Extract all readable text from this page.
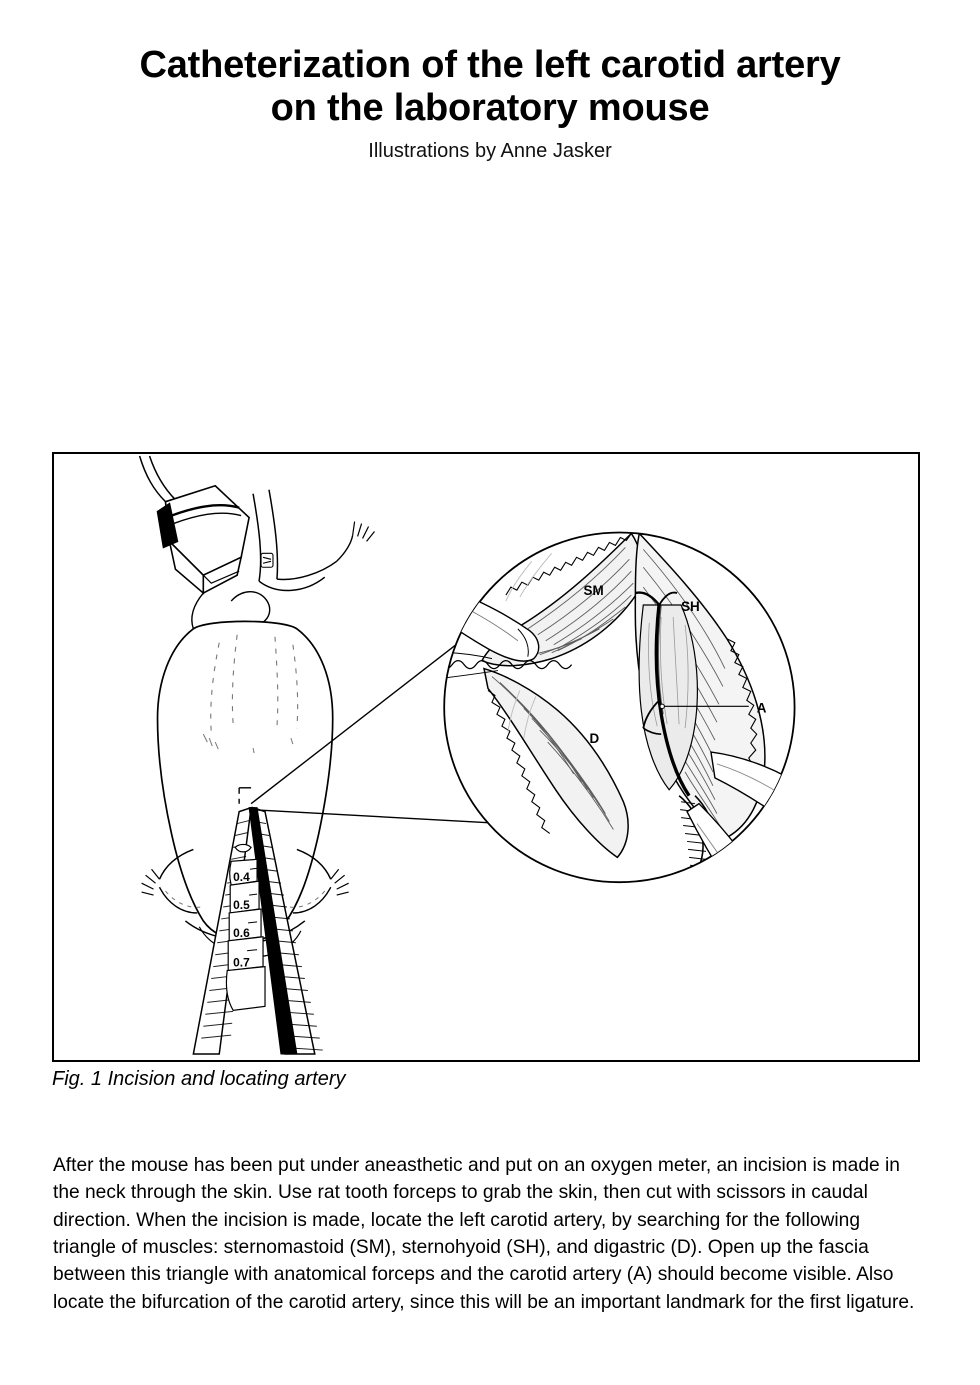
Catheterization of the left carotid artery
on the laboratory mouse

Illustrations by Anne Jasker

0.4
0.5
0.6
0.7
SM
SH
D
A
Fig. 1 Incision and locating artery

After the mouse has been put under aneasthetic and put on an oxygen meter, an incision is made in the neck through the skin. Use rat tooth forceps to grab the skin, then cut with scissors in caudal direction. When the incision is made, locate the left carotid artery, by searching for the following triangle of muscles: sternomastoid (SM), sternohyoid (SH), and digastric (D). Open up the fascia between this triangle with anatomical forceps and the carotid artery (A) should become visible. Also locate the bifurcation of the carotid artery, since this will be an important landmark for the first ligature.
